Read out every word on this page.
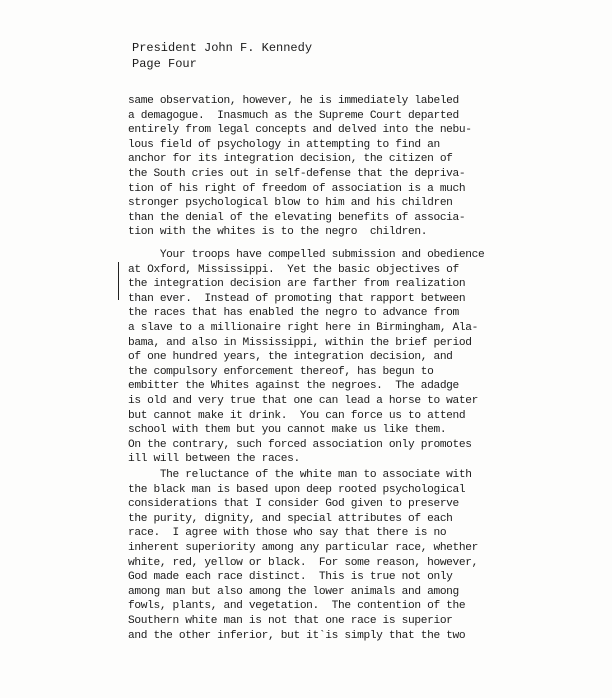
President John F. Kennedy
Page Four
same observation, however, he is immediately labeled
a demagogue.  Inasmuch as the Supreme Court departed
entirely from legal concepts and delved into the nebu-
lous field of psychology in attempting to find an
anchor for its integration decision, the citizen of
the South cries out in self-defense that the depriva-
tion of his right of freedom of association is a much
stronger psychological blow to him and his children
than the denial of the elevating benefits of associa-
tion with the whites is to the negro  children.
Your troops have compelled submission and obedience
at Oxford, Mississippi.  Yet the basic objectives of
the integration decision are farther from realization
than ever.  Instead of promoting that rapport between
the races that has enabled the negro to advance from
a slave to a millionaire right here in Birmingham, Ala-
bama, and also in Mississippi, within the brief period
of one hundred years, the integration decision, and
the compulsory enforcement thereof, has begun to
embitter the Whites against the negroes.  The adadge
is old and very true that one can lead a horse to water
but cannot make it drink.  You can force us to attend
school with them but you cannot make us like them.
On the contrary, such forced association only promotes
ill will between the races.
The reluctance of the white man to associate with
the black man is based upon deep rooted psychological
considerations that I consider God given to preserve
the purity, dignity, and special attributes of each
race.  I agree with those who say that there is no
inherent superiority among any particular race, whether
white, red, yellow or black.  For some reason, however,
God made each race distinct.  This is true not only
among man but also among the lower animals and among
fowls, plants, and vegetation.  The contention of the
Southern white man is not that one race is superior
and the other inferior, but it`is simply that the two
